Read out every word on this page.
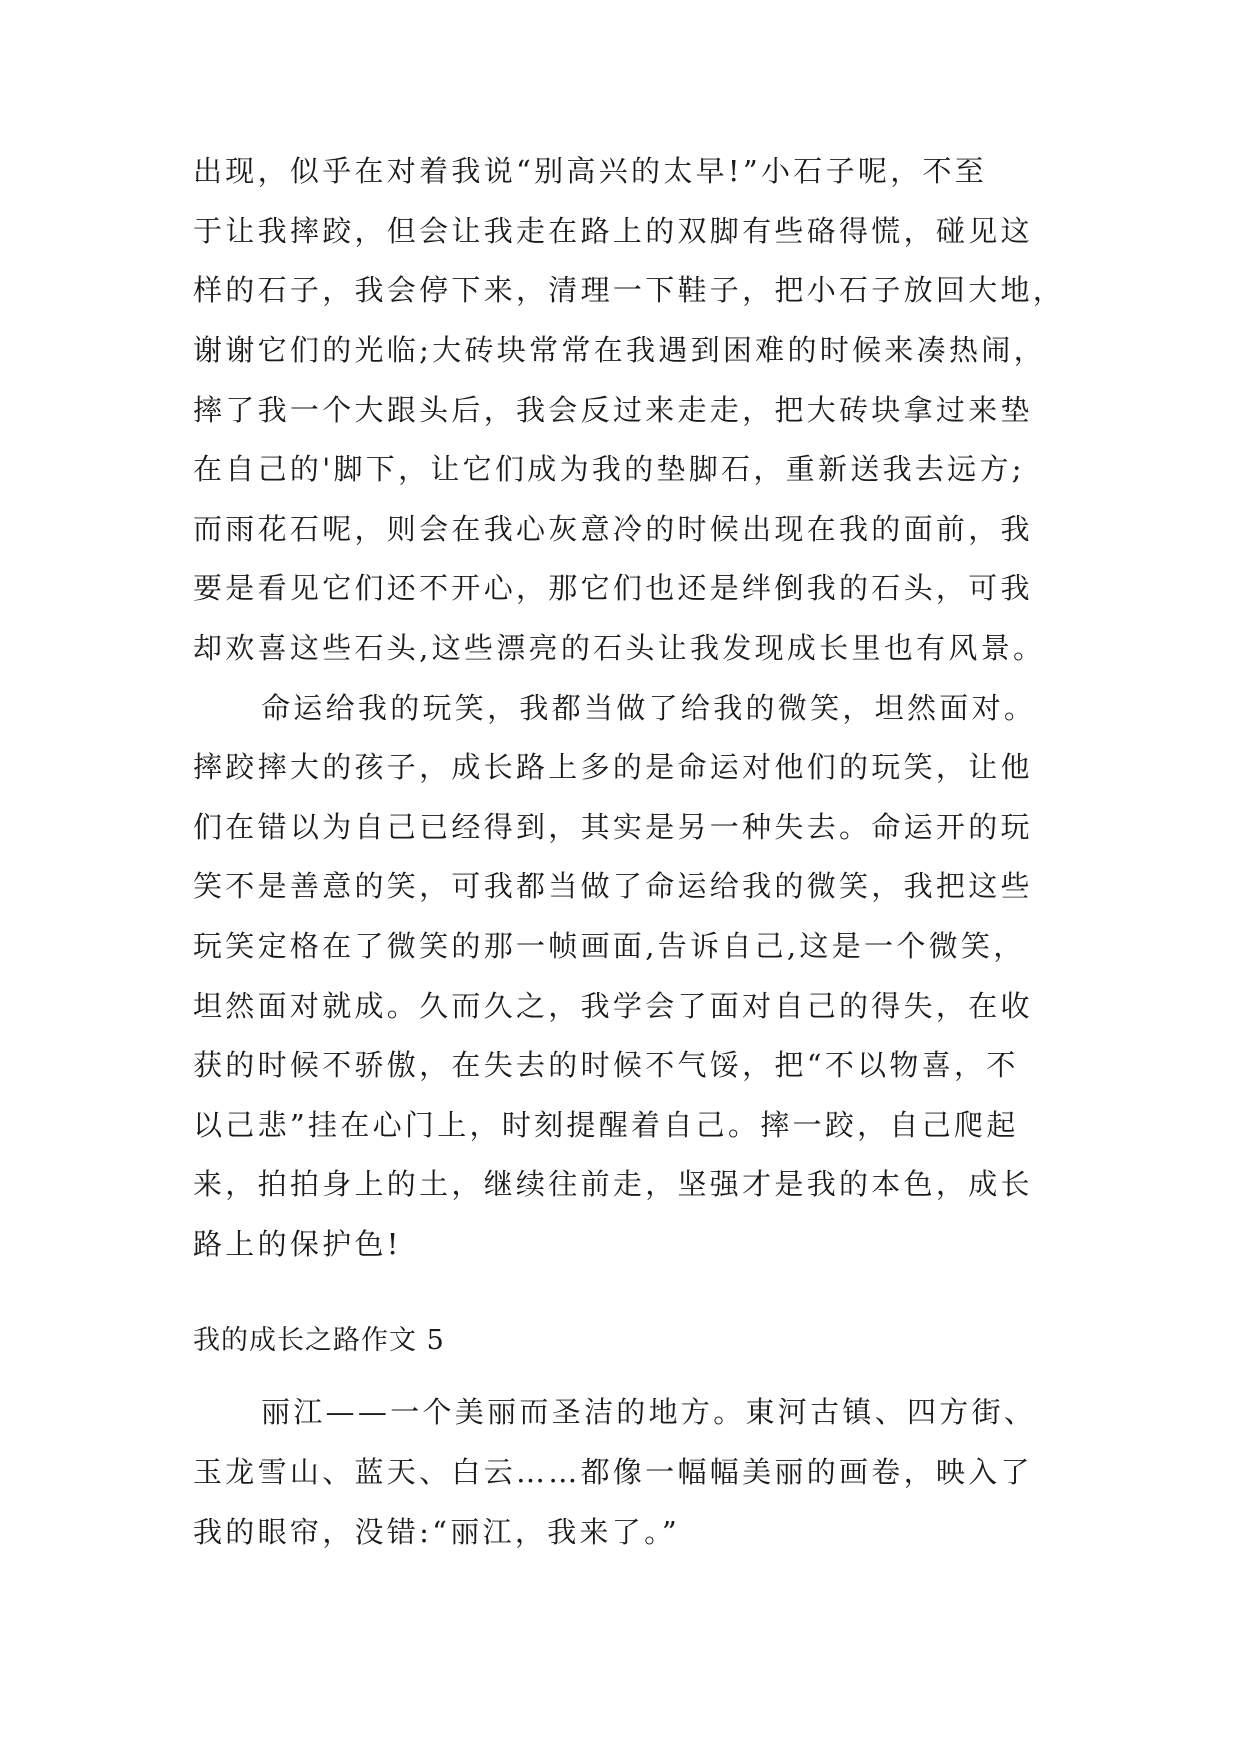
出现，似乎在对着我说“别高兴的太早!”小石子呢，不至
于让我摔跤，但会让我走在路上的双脚有些硌得慌，碰见这
样的石子，我会停下来，清理一下鞋子，把小石子放回大地，
谢谢它们的光临;大砖块常常在我遇到困难的时候来凑热闹，
摔了我一个大跟头后，我会反过来走走，把大砖块拿过来垫
在自己的'脚下，让它们成为我的垫脚石，重新送我去远方;
而雨花石呢，则会在我心灰意冷的时候出现在我的面前，我
要是看见它们还不开心，那它们也还是绊倒我的石头，可我
却欢喜这些石头,这些漂亮的石头让我发现成长里也有风景。
命运给我的玩笑，我都当做了给我的微笑，坦然面对。
摔跤摔大的孩子，成长路上多的是命运对他们的玩笑，让他
们在错以为自己已经得到，其实是另一种失去。命运开的玩
笑不是善意的笑，可我都当做了命运给我的微笑，我把这些
玩笑定格在了微笑的那一帧画面,告诉自己,这是一个微笑，
坦然面对就成。久而久之，我学会了面对自己的得失，在收
获的时候不骄傲，在失去的时候不气馁，把“不以物喜，不
以己悲”挂在心门上，时刻提醒着自己。摔一跤，自己爬起
来，拍拍身上的土，继续往前走，坚强才是我的本色，成长
路上的保护色!
我的成长之路作文 5
丽江——一个美丽而圣洁的地方。東河古镇、四方街、
玉龙雪山、蓝天、白云……都像一幅幅美丽的画卷，映入了
我的眼帘，没错:“丽江，我来了。”
